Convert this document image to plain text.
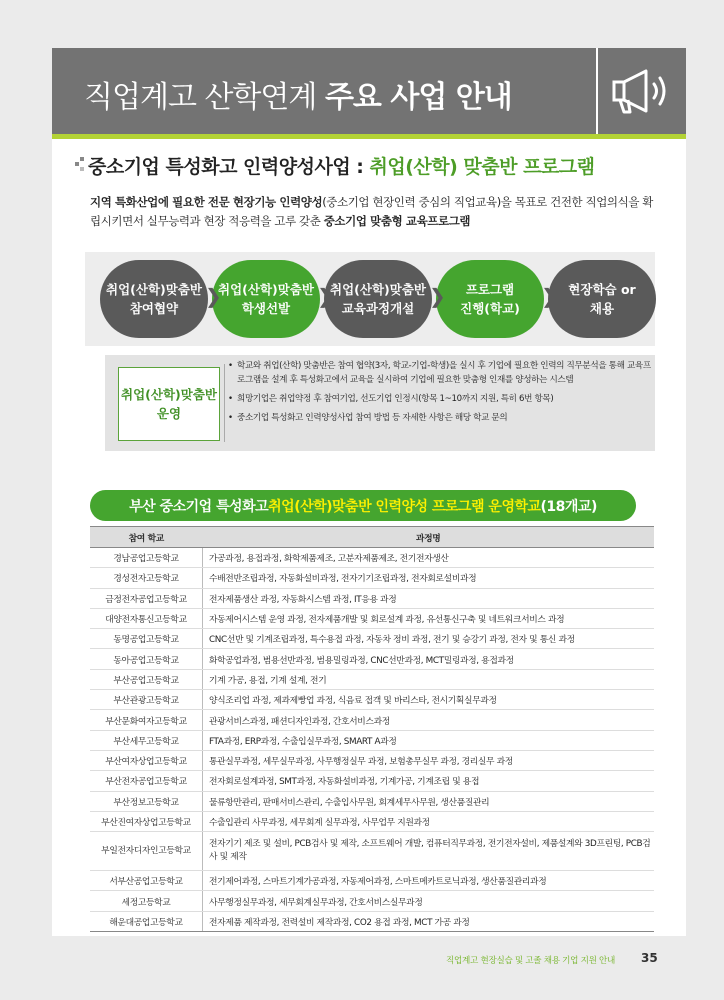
직업계고 산학연계 주요 사업 안내
중소기업 특성화고 인력양성사업 : 취업(산학) 맞춤반 프로그램
지역 특화산업에 필요한 전문 현장기능 인력양성(중소기업 현장인력 중심의 직업교육)을 목표로 건전한 직업의식을 확립시키면서 실무능력과 현장 적응력을 고루 갖춘 중소기업 맞춤형 교육프로그램
취업(산학)맞춤반
참여협약
취업(산학)맞춤반
학생선발
취업(산학)맞춤반
교육과정개설
프로그램
진행(학교)
현장학습 or
채용
❯	❯	❯	❯
취업(산학)맞춤반
운영
• 학교와 취업(산학) 맞춤반은 참여 협약(3자, 학교-기업-학생)을 실시 후 기업에 필요한 인력의 직무분석을 통해 교육프로그램을 설계 후 특성화고에서 교육을 실시하여 기업에 필요한 맞춤형 인재를 양성하는 시스템
• 희망기업은 취업약정 후 참여기업, 선도기업 인정시(항목 1~10까지 지원, 특히 6번 항목)
• 중소기업 특성화고 인력양성사업 참여 방법 등 자세한 사항은 해당 학교 문의
부산 중소기업 특성화고 취업(산학)맞춤반 인력양성 프로그램 운영학교 (18개교)
참여 학교	과정명
경남공업고등학교	가공과정, 용접과정, 화학제품제조, 고분자제품제조, 전기전자생산
경성전자고등학교	수배전반조립과정, 자동화설비과정, 전자기기조립과정, 전자회로설비과정
금정전자공업고등학교	전자제품생산 과정, 자동화시스템 과정, IT응용 과정
대양전자통신고등학교	자동제어시스템 운영 과정, 전자제품개발 및 회로설계 과정, 유선통신구축 및 네트워크서비스 과정
동명공업고등학교	CNC선반 및 기계조립과정, 특수용접 과정, 자동차 정비 과정, 전기 및 승강기 과정, 전자 및 통신 과정
동아공업고등학교	화학공업과정, 범용선반과정, 범용밀링과정, CNC선반과정, MCT밀링과정, 용접과정
부산공업고등학교	기계 가공, 용접, 기계 설계, 전기
부산관광고등학교	양식조리업 과정, 제과제빵업 과정, 식음료 접객 및 바리스타, 전시기획실무과정
부산문화여자고등학교	관광서비스과정, 패션디자인과정, 간호서비스과정
부산세무고등학교	FTA과정, ERP과정, 수출입실무과정, SMART A과정
부산여자상업고등학교	통관실무과정, 세무실무과정, 사무행정실무 과정, 보험총무실무 과정, 경리실무 과정
부산전자공업고등학교	전자회로설계과정, SMT과정, 자동화설비과정, 기계가공, 기계조립 및 용접
부산정보고등학교	물류항만관리, 판매서비스관리, 수출입사무원, 회계세무사무원, 생산품질관리
부산진여자상업고등학교	수출입관리 사무과정, 세무회계 실무과정, 사무업무 지원과정
부일전자디자인고등학교	전자기기 제조 및 설비, PCB검사 및 제작, 소프트웨어 개발, 컴퓨터직무과정, 전기전자설비, 제품설계와 3D프린팅, PCB검사 및 제작
서부산공업고등학교	전기제어과정, 스마트기계가공과정, 자동제어과정, 스마트메카트로닉과정, 생산품질관리과정
세정고등학교	사무행정실무과정, 세무회계실무과정, 간호서비스실무과정
해운대공업고등학교	전자제품 제작과정, 전력설비 제작과정, CO2 용접 과정, MCT 가공 과정
직업계고 현장실습 및 고졸 채용 기업 지원 안내 35
